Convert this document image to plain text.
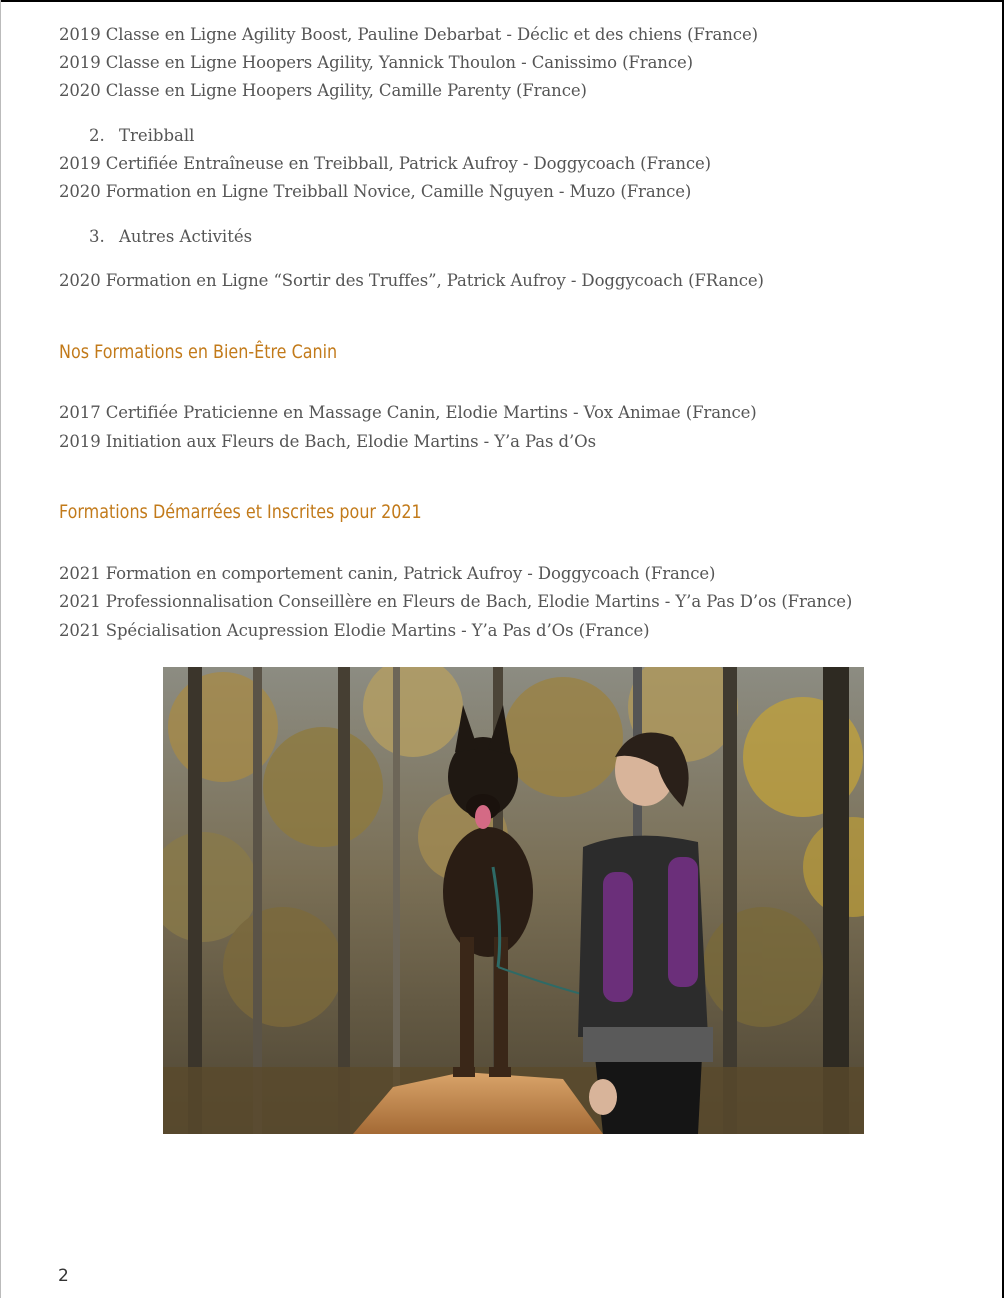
2019 Classe en Ligne Agility Boost, Pauline Debarbat - Déclic et des chiens (France)
2019 Classe en Ligne Hoopers Agility, Yannick Thoulon - Canissimo (France)
2020 Classe en Ligne Hoopers Agility, Camille Parenty (France)
2. Treibball
2019 Certifiée Entraîneuse en Treibball, Patrick Aufroy - Doggycoach (France)
2020 Formation en Ligne Treibball Novice, Camille Nguyen - Muzo (France)
3. Autres Activités
2020 Formation en Ligne “Sortir des Truffes”, Patrick Aufroy - Doggycoach (FRance)
Nos Formations en Bien-Être Canin
2017 Certifiée Praticienne en Massage Canin, Elodie Martins - Vox Animae (France)
2019 Initiation aux Fleurs de Bach, Elodie Martins - Y’a Pas d’Os
Formations Démarrées et Inscrites pour 2021
2021 Formation en comportement canin, Patrick Aufroy - Doggycoach (France)
2021 Professionnalisation Conseillère en Fleurs de Bach, Elodie Martins - Y’a Pas D’os (France)
2021 Spécialisation Acupression Elodie Martins - Y’a Pas d’Os (France)
2
